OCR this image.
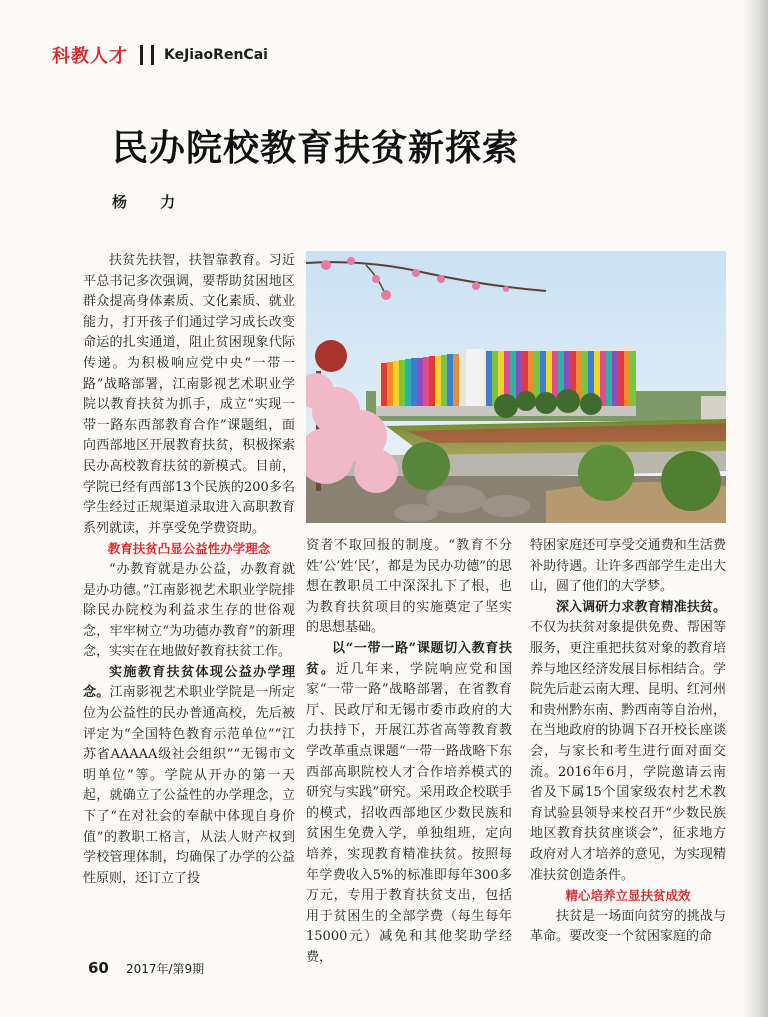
科教人才	KeJiaoRenCai
民办院校教育扶贫新探索
杨 力

扶贫先扶智，扶智靠教育。习近平总书记多次强调，要帮助贫困地区群众提高身体素质、文化素质、就业能力，打开孩子们通过学习成长改变命运的扎实通道，阻止贫困现象代际传递。为积极响应党中央“一带一路”战略部署，江南影视艺术职业学院以教育扶贫为抓手，成立“实现一带一路东西部教育合作”课题组，面向西部地区开展教育扶贫，积极探索民办高校教育扶贫的新模式。目前，学院已经有西部13个民族的200多名学生经过正规渠道录取进入高职教育系列就读，并享受免学费资助。

教育扶贫凸显公益性办学理念

“办教育就是办公益，办教育就是办功德。”江南影视艺术职业学院排除民办院校为利益求生存的世俗观念，牢牢树立“为功德办教育”的新理念，实实在在地做好教育扶贫工作。

实施教育扶贫体现公益办学理念。江南影视艺术职业学院是一所定位为公益性的民办普通高校，先后被评定为“全国特色教育示范单位”“江苏省AAAAA级社会组织”“无锡市文明单位”等。学院从开办的第一天起，就确立了公益性的办学理念，立下了“在对社会的奉献中体现自身价值”的教职工格言，从法人财产权到学校管理体制，均确保了办学的公益性原则，还订立了投

资者不取回报的制度。“教育不分姓‘公’姓‘民’，都是为民办功德”的思想在教职员工中深深扎下了根，也为教育扶贫项目的实施奠定了坚实的思想基础。

以“一带一路”课题切入教育扶贫。近几年来，学院响应党和国家“一带一路”战略部署，在省教育厅、民政厅和无锡市委市政府的大力扶持下，开展江苏省高等教育教学改革重点课题“一带一路战略下东西部高职院校人才合作培养模式的研究与实践”研究。采用政企校联手的模式，招收西部地区少数民族和贫困生免费入学，单独组班，定向培养，实现教育精准扶贫。按照每年学费收入5%的标准即每年300多万元，专用于教育扶贫支出，包括用于贫困生的全部学费（每生每年15000元）减免和其他奖助学经费，

特困家庭还可享受交通费和生活费补助待遇。让许多西部学生走出大山，圆了他们的大学梦。

深入调研力求教育精准扶贫。不仅为扶贫对象提供免费、帮困等服务，更注重把扶贫对象的教育培养与地区经济发展目标相结合。学院先后赴云南大理、昆明、红河州和贵州黔东南、黔西南等自治州，在当地政府的协调下召开校长座谈会，与家长和考生进行面对面交流。2016年6月，学院邀请云南省及下属15个国家级农村艺术教育试验县领导来校召开“少数民族地区教育扶贫座谈会”，征求地方政府对人才培养的意见，为实现精准扶贫创造条件。

精心培养立显扶贫成效

扶贫是一场面向贫穷的挑战与革命。要改变一个贫困家庭的命

60 2017年/第9期
